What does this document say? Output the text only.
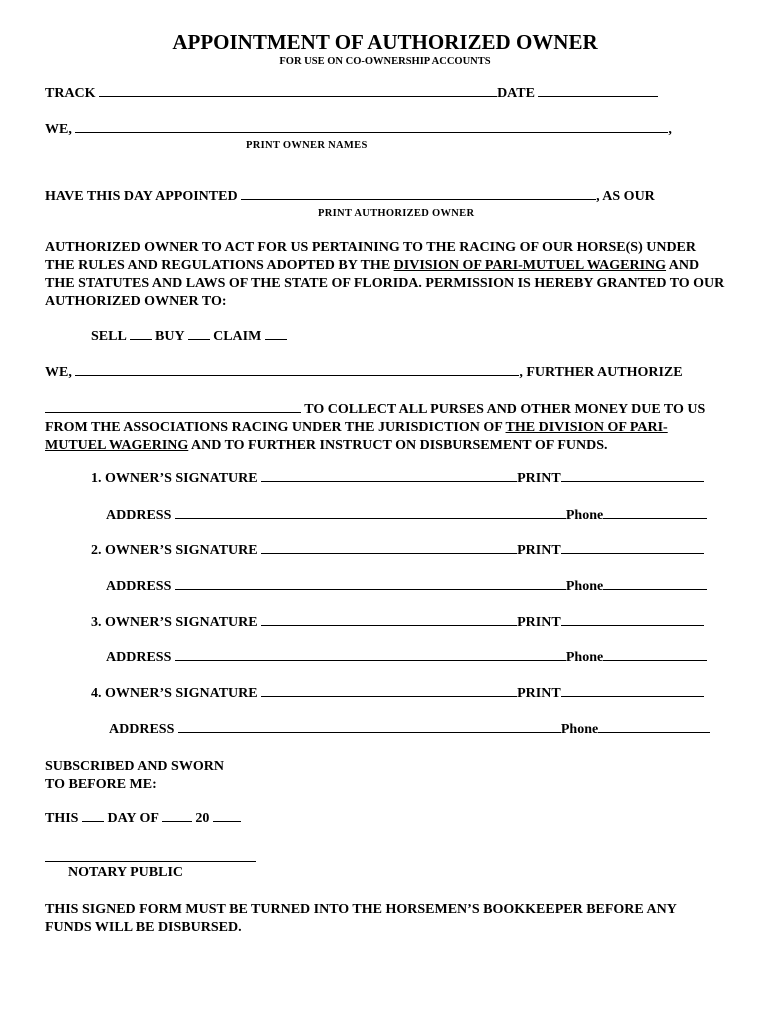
APPOINTMENT OF AUTHORIZED OWNER
FOR USE ON CO-OWNERSHIP ACCOUNTS
TRACK	DATE
WE,	,
PRINT OWNER NAMES
HAVE THIS DAY APPOINTED	, AS OUR
PRINT AUTHORIZED OWNER

AUTHORIZED OWNER TO ACT FOR US PERTAINING TO THE RACING OF OUR HORSE(S) UNDER THE RULES AND REGULATIONS ADOPTED BY THE DIVISION OF PARI-MUTUEL WAGERING AND THE STATUTES AND LAWS OF THE STATE OF FLORIDA. PERMISSION IS HEREBY GRANTED TO OUR AUTHORIZED OWNER TO:

SELL BUY CLAIM
WE,	, FURTHER AUTHORIZE

TO COLLECT ALL PURSES AND OTHER MONEY DUE TO US FROM THE ASSOCIATIONS RACING UNDER THE JURISDICTION OF THE DIVISION OF PARI-MUTUEL WAGERING AND TO FURTHER INSTRUCT ON DISBURSEMENT OF FUNDS.

1. OWNER’S SIGNATURE	PRINT
ADDRESS	Phone
2. OWNER’S SIGNATURE	PRINT
ADDRESS	Phone
3. OWNER’S SIGNATURE	PRINT
ADDRESS	Phone
4. OWNER’S SIGNATURE	PRINT
ADDRESS	Phone
SUBSCRIBED AND SWORN
TO BEFORE ME:
THIS DAY OF	20
NOTARY PUBLIC
THIS SIGNED FORM MUST BE TURNED INTO THE HORSEMEN’S BOOKKEEPER BEFORE ANY FUNDS WILL BE DISBURSED.
